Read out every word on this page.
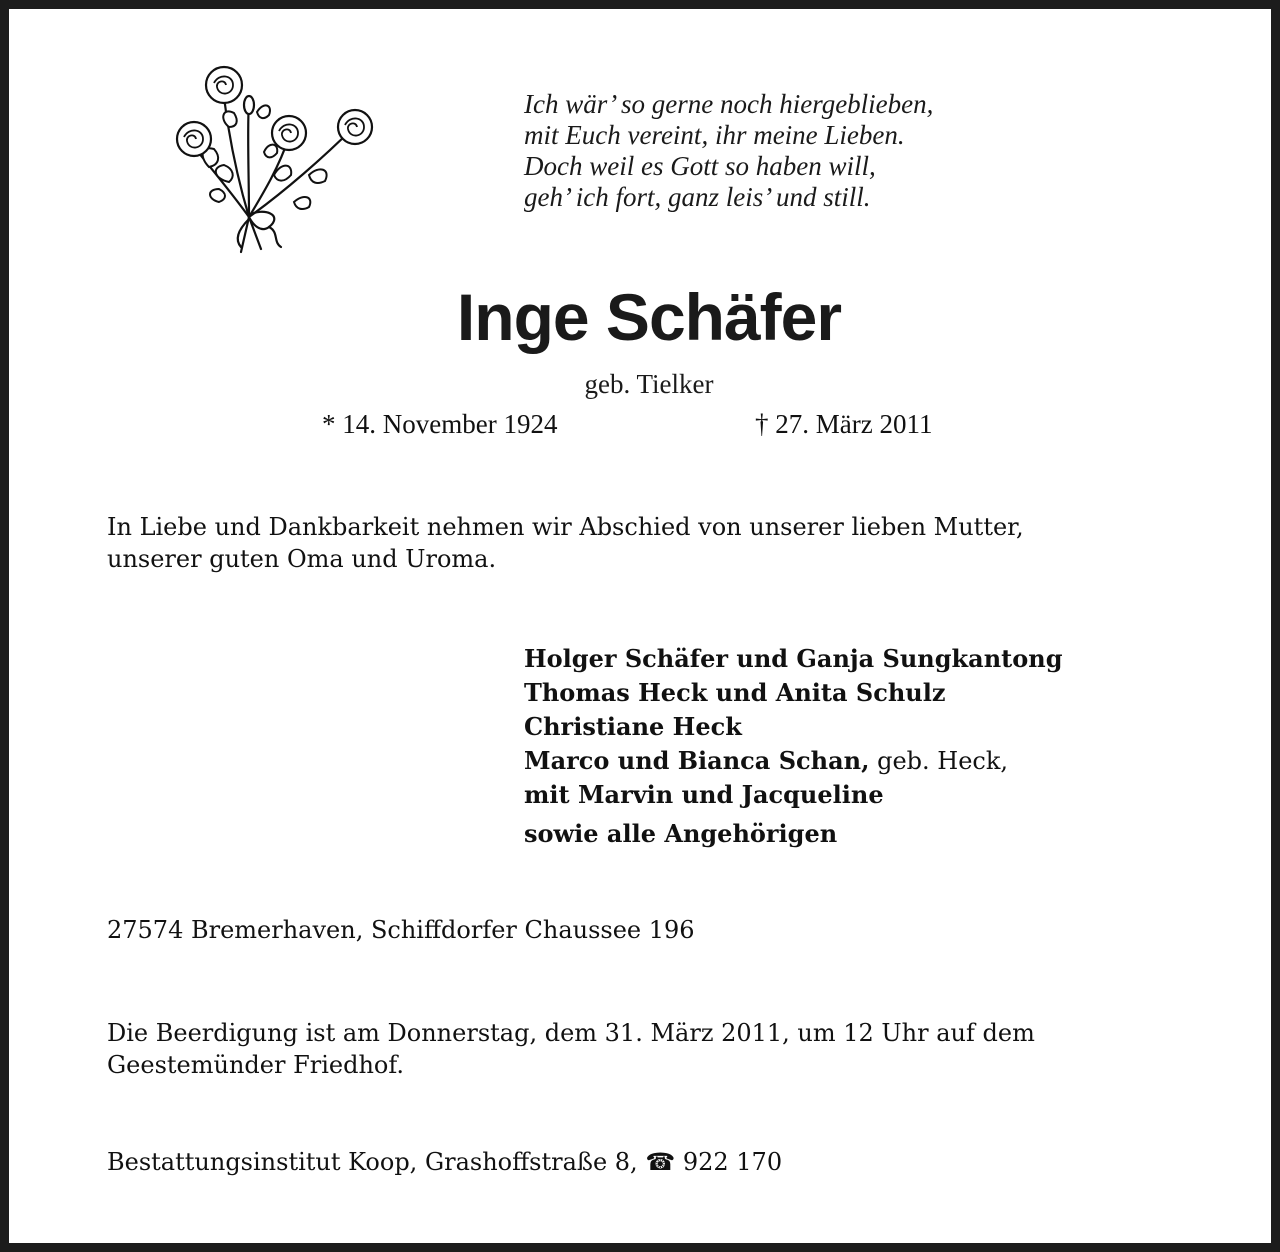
Ich wär’ so gerne noch hiergeblieben,
mit Euch vereint, ihr meine Lieben.
Doch weil es Gott so haben will,
geh’ ich fort, ganz leis’ und still.
Inge Schäfer
geb. Tielker
* 14. November 1924	† 27. März 2011
In Liebe und Dankbarkeit nehmen wir Abschied von unserer lieben Mutter,
unserer guten Oma und Uroma.
Holger Schäfer und Ganja Sungkantong
Thomas Heck und Anita Schulz
Christiane Heck
Marco und Bianca Schan, geb. Heck,
mit Marvin und Jacqueline
sowie alle Angehörigen
27574 Bremerhaven, Schiffdorfer Chaussee 196
Die Beerdigung ist am Donnerstag, dem 31. März 2011, um 12 Uhr auf dem
Geestemünder Friedhof.
Bestattungsinstitut Koop, Grashoffstraße 8, ☎ 922 170
